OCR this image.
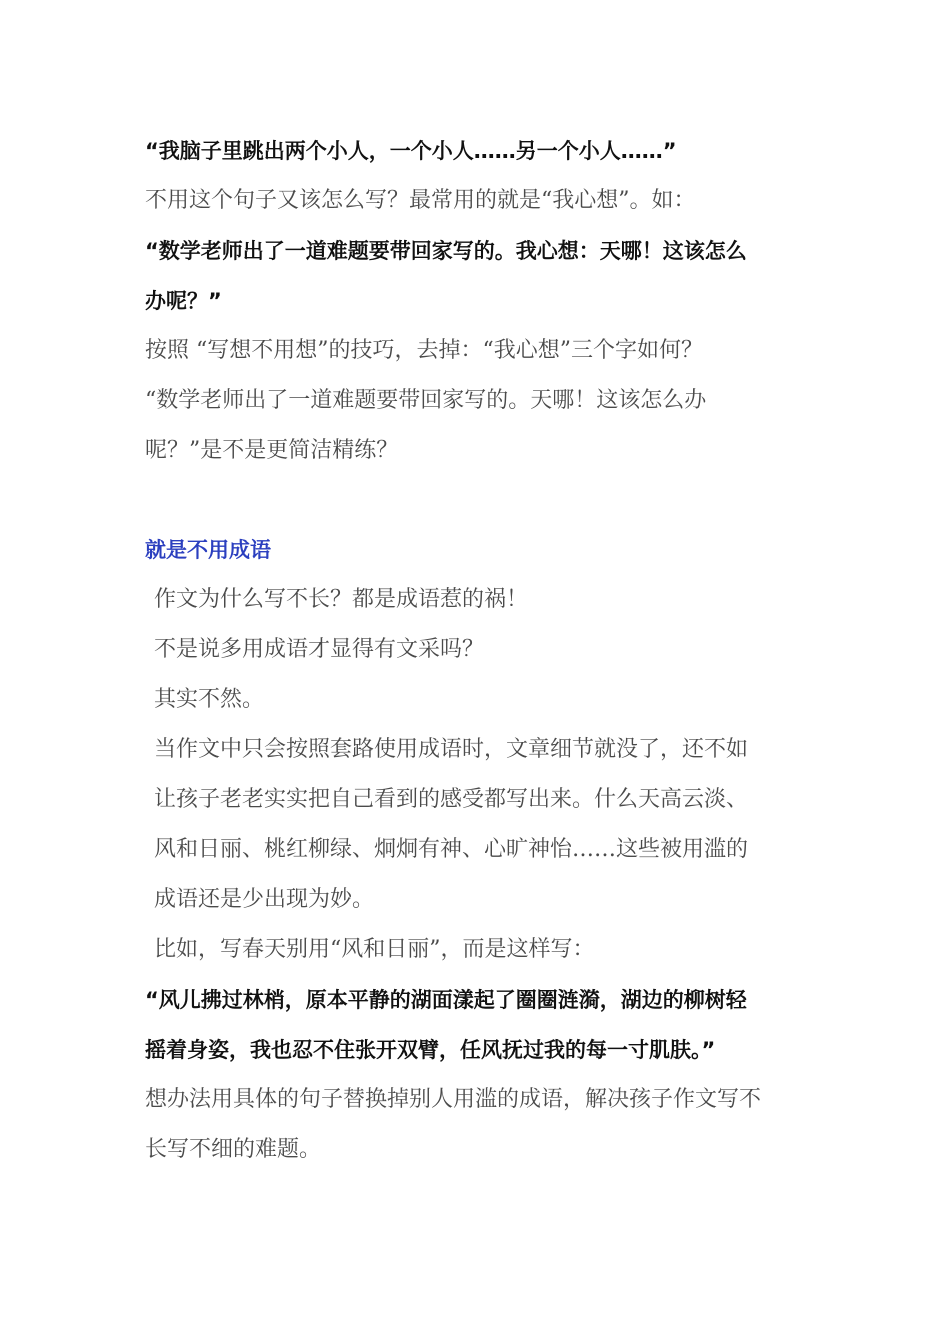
“我脑子里跳出两个小人，一个小人……另一个小人……”
不用这个句子又该怎么写？最常用的就是“我心想”。如：
“数学老师出了一道难题要带回家写的。我心想：天哪！这该怎么
办呢？”
按照 “写想不用想”的技巧，去掉：“我心想”三个字如何？
“数学老师出了一道难题要带回家写的。天哪！这该怎么办
呢？”是不是更简洁精练？
就是不用成语
作文为什么写不长？都是成语惹的祸！
不是说多用成语才显得有文采吗？
其实不然。
当作文中只会按照套路使用成语时，文章细节就没了，还不如
让孩子老老实实把自己看到的感受都写出来。什么天高云淡、
风和日丽、桃红柳绿、炯炯有神、心旷神怡……这些被用滥的
成语还是少出现为妙。
比如，写春天别用“风和日丽”，而是这样写：
“风儿拂过林梢，原本平静的湖面漾起了圈圈涟漪，湖边的柳树轻
摇着身姿，我也忍不住张开双臂，任风抚过我的每一寸肌肤。”
想办法用具体的句子替换掉别人用滥的成语，解决孩子作文写不
长写不细的难题。
